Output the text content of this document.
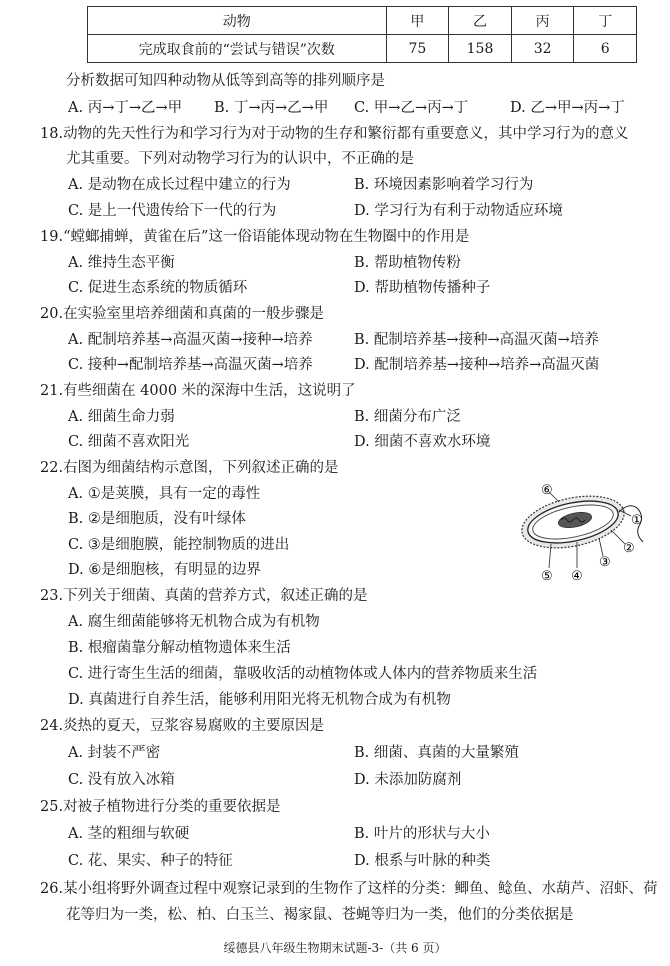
动物	甲	乙	丙	丁
完成取食前的“尝试与错误”次数	75	158	32	6
分析数据可知四种动物从低等到高等的排列顺序是
A. 丙→丁→乙→甲 B. 丁→丙→乙→甲 C. 甲→乙→丙→丁	D. 乙→甲→丙→丁
18.动物的先天性行为和学习行为对于动物的生存和繁衍都有重要意义，其中学习行为的意义
尤其重要。下列对动物学习行为的认识中，不正确的是
A. 是动物在成长过程中建立的行为	B. 环境因素影响着学习行为
C. 是上一代遗传给下一代的行为	D. 学习行为有利于动物适应环境
19.“螳螂捕蝉，黄雀在后”这一俗语能体现动物在生物圈中的作用是
A. 维持生态平衡	B. 帮助植物传粉
C. 促进生态系统的物质循环	D. 帮助植物传播种子
20.在实验室里培养细菌和真菌的一般步骤是
A. 配制培养基→高温灭菌→接种→培养	B. 配制培养基→接种→高温灭菌→培养
C. 接种→配制培养基→高温灭菌→培养	D. 配制培养基→接种→培养→高温灭菌
21.有些细菌在 4000 米的深海中生活，这说明了
A. 细菌生命力弱	B. 细菌分布广泛
C. 细菌不喜欢阳光	D. 细菌不喜欢水环境
22.右图为细菌结构示意图，下列叙述正确的是
A. ①是荚膜，具有一定的毒性
B. ②是细胞质，没有叶绿体
C. ③是细胞膜，能控制物质的进出
D. ⑥是细胞核，有明显的边界
⑥
①
②
③
④
⑤
23.下列关于细菌、真菌的营养方式，叙述正确的是
A. 腐生细菌能够将无机物合成为有机物
B. 根瘤菌靠分解动植物遗体来生活
C. 进行寄生生活的细菌，靠吸收活的动植物体或人体内的营养物质来生活
D. 真菌进行自养生活，能够利用阳光将无机物合成为有机物
24.炎热的夏天，豆浆容易腐败的主要原因是
A. 封装不严密	B. 细菌、真菌的大量繁殖
C. 没有放入冰箱	D. 未添加防腐剂
25.对被子植物进行分类的重要依据是
A. 茎的粗细与软硬	B. 叶片的形状与大小
C. 花、果实、种子的特征	D. 根系与叶脉的种类
26.某小组将野外调查过程中观察记录到的生物作了这样的分类：鲫鱼、鲶鱼、水葫芦、沼虾、荷
花等归为一类，松、柏、白玉兰、褐家鼠、苍蝇等归为一类，他们的分类依据是
绥德县八年级生物期末试题-3-（共 6 页）
